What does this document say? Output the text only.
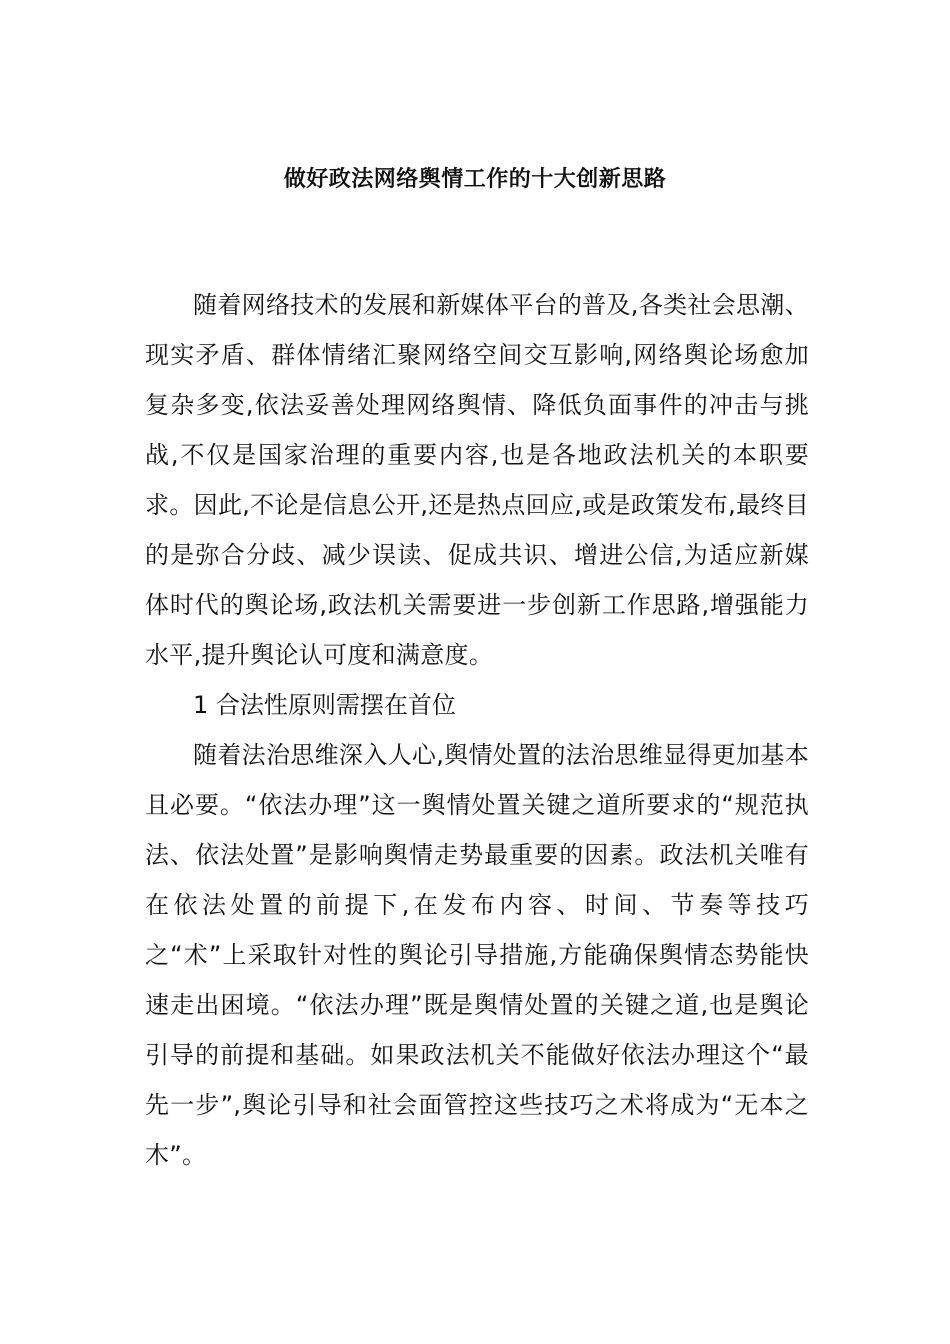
做好政法网络舆情工作的十大创新思路

随着网络技术的发展和新媒体平台的普及,各类社会思潮、现实矛盾、群体情绪汇聚网络空间交互影响,网络舆论场愈加复杂多变,依法妥善处理网络舆情、降低负面事件的冲击与挑战,不仅是国家治理的重要内容,也是各地政法机关的本职要求。因此,不论是信息公开,还是热点回应,或是政策发布,最终目的是弥合分歧、减少误读、促成共识、增进公信,为适应新媒体时代的舆论场,政法机关需要进一步创新工作思路,增强能力水平,提升舆论认可度和满意度。

1 合法性原则需摆在首位

随着法治思维深入人心,舆情处置的法治思维显得更加基本且必要。“依法办理”这一舆情处置关键之道所要求的“规范执法、依法处置”是影响舆情走势最重要的因素。政法机关唯有在依法处置的前提下,在发布内容、时间、节奏等技巧之“术”上采取针对性的舆论引导措施,方能确保舆情态势能快速走出困境。“依法办理”既是舆情处置的关键之道,也是舆论引导的前提和基础。如果政法机关不能做好依法办理这个“最先一步”,舆论引导和社会面管控这些技巧之术将成为“无本之木”。
